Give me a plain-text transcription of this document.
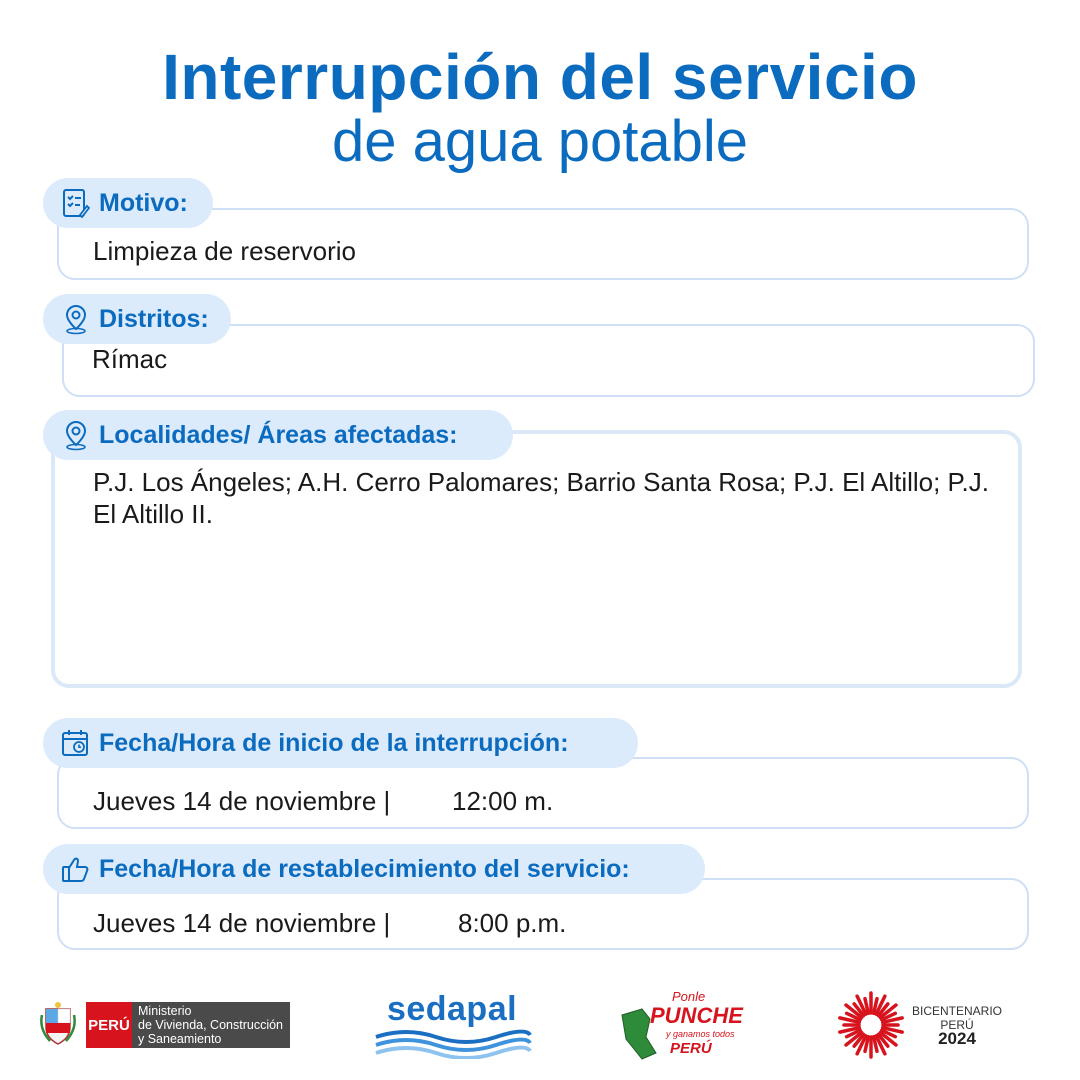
Interrupción del servicio
de agua potable
Motivo:
Limpieza de reservorio
Distritos:
Rímac
Localidades/ Áreas afectadas:
P.J. Los Ángeles; A.H. Cerro Palomares; Barrio Santa Rosa; P.J. El Altillo; P.J. El Altillo II.
Fecha/Hora de inicio de la interrupción:
Jueves 14 de noviembre | 12:00 m.
Fecha/Hora de restablecimiento del servicio:
Jueves 14 de noviembre |	8:00 p.m.
PERÚ
Ministerio
de Vivienda, Construcción
y Saneamiento
sedapal	Ponle
PUNCHE
y ganamos todos
PERÚ
BICENTENARIO
PERÚ
2024
